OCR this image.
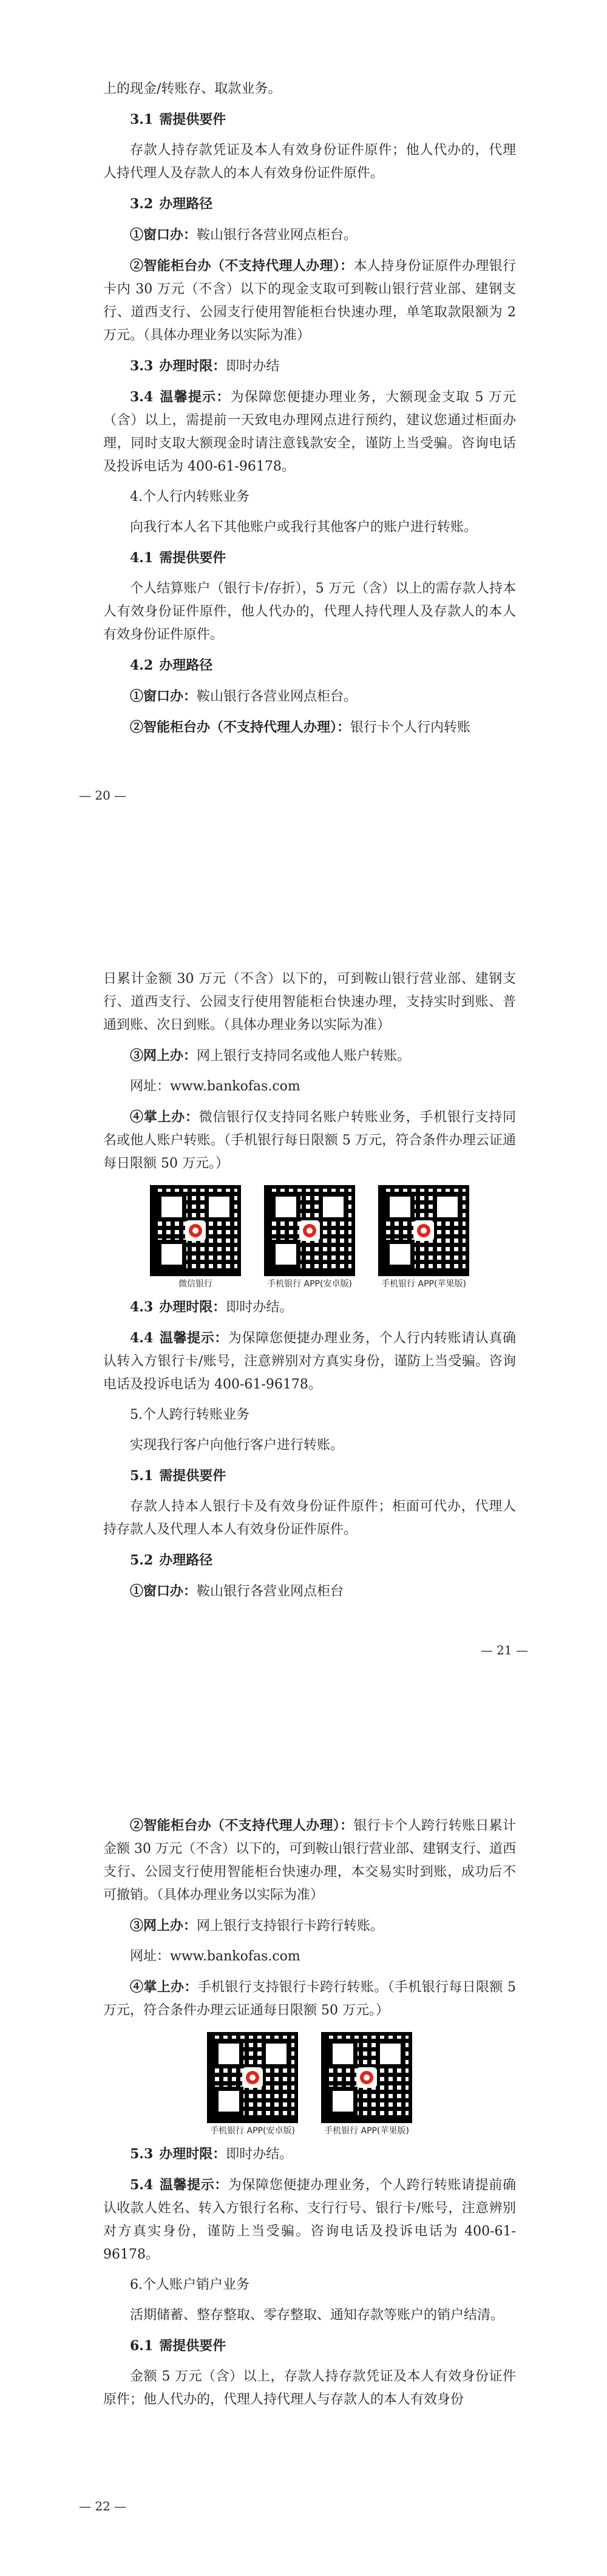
上的现金/转账存、取款业务。

3.1 需提供要件

存款人持存款凭证及本人有效身份证件原件；他人代办的，代理人持代理人及存款人的本人有效身份证件原件。

3.2 办理路径

①窗口办：鞍山银行各营业网点柜台。

②智能柜台办（不支持代理人办理）：本人持身份证原件办理银行卡内 30 万元（不含）以下的现金支取可到鞍山银行营业部、建钢支行、道西支行、公园支行使用智能柜台快速办理，单笔取款限额为 2 万元。（具体办理业务以实际为准）

3.3 办理时限：即时办结

3.4 温馨提示：为保障您便捷办理业务，大额现金支取 5 万元（含）以上，需提前一天致电办理网点进行预约，建议您通过柜面办理，同时支取大额现金时请注意钱款安全，谨防上当受骗。咨询电话及投诉电话为 400-61-96178。

4.个人行内转账业务

向我行本人名下其他账户或我行其他客户的账户进行转账。

4.1 需提供要件

个人结算账户（银行卡/存折），5 万元（含）以上的需存款人持本人有效身份证件原件，他人代办的，代理人持代理人及存款人的本人有效身份证件原件。

4.2 办理路径

①窗口办：鞍山银行各营业网点柜台。

②智能柜台办（不支持代理人办理）：银行卡个人行内转账

— 20 —

日累计金额 30 万元（不含）以下的，可到鞍山银行营业部、建钢支行、道西支行、公园支行使用智能柜台快速办理，支持实时到账、普通到账、次日到账。（具体办理业务以实际为准）

③网上办：网上银行支持同名或他人账户转账。

网址：www.bankofas.com

④掌上办：微信银行仅支持同名账户转账业务，手机银行支持同名或他人账户转账。（手机银行每日限额 5 万元，符合条件办理云证通每日限额 50 万元。）

微信银行	手机银行 APP(安卓版)	手机银行 APP(苹果版)

4.3 办理时限：即时办结。

4.4 温馨提示：为保障您便捷办理业务，个人行内转账请认真确认转入方银行卡/账号，注意辨别对方真实身份，谨防上当受骗。咨询电话及投诉电话为 400-61-96178。

5.个人跨行转账业务

实现我行客户向他行客户进行转账。

5.1 需提供要件

存款人持本人银行卡及有效身份证件原件；柜面可代办，代理人持存款人及代理人本人有效身份证件原件。

5.2 办理路径

①窗口办：鞍山银行各营业网点柜台

— 21 —

②智能柜台办（不支持代理人办理）：银行卡个人跨行转账日累计金额 30 万元（不含）以下的，可到鞍山银行营业部、建钢支行、道西支行、公园支行使用智能柜台快速办理，本交易实时到账，成功后不可撤销。（具体办理业务以实际为准）

③网上办：网上银行支持银行卡跨行转账。

网址：www.bankofas.com

④掌上办：手机银行支持银行卡跨行转账。（手机银行每日限额 5 万元，符合条件办理云证通每日限额 50 万元。）

手机银行 APP(安卓版)	手机银行 APP(苹果版)

5.3 办理时限：即时办结。

5.4 温馨提示：为保障您便捷办理业务，个人跨行转账请提前确认收款人姓名、转入方银行名称、支行行号、银行卡/账号，注意辨别对方真实身份，谨防上当受骗。咨询电话及投诉电话为 400-61-96178。

6.个人账户销户业务

活期储蓄、整存整取、零存整取、通知存款等账户的销户结清。

6.1 需提供要件

金额 5 万元（含）以上，存款人持存款凭证及本人有效身份证件原件；他人代办的，代理人持代理人与存款人的本人有效身份

— 22 —
